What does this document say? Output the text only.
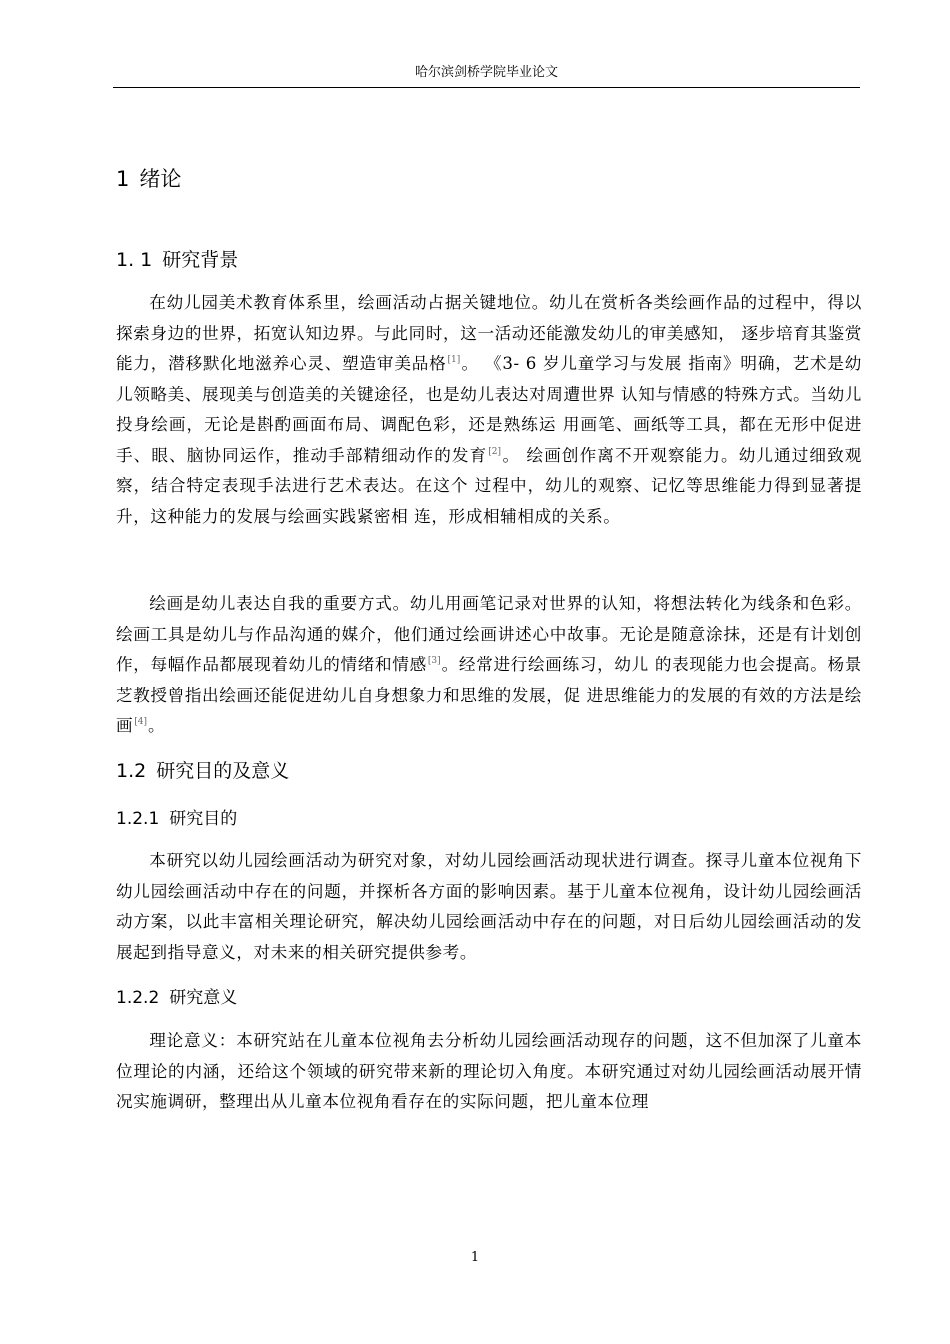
哈尔滨剑桥学院毕业论文
1 绪论
1. 1 研究背景

在幼儿园美术教育体系里，绘画活动占据关键地位。幼儿在赏析各类绘画作品的过程中，得以探索身边的世界，拓宽认知边界。与此同时，这一活动还能激发幼儿的审美感知， 逐步培育其鉴赏能力，潜移默化地滋养心灵、塑造审美品格[1]。 《3- 6 岁儿童学习与发展 指南》明确，艺术是幼儿领略美、展现美与创造美的关键途径，也是幼儿表达对周遭世界 认知与情感的特殊方式。当幼儿投身绘画，无论是斟酌画面布局、调配色彩，还是熟练运 用画笔、画纸等工具，都在无形中促进手、眼、脑协同运作，推动手部精细动作的发育[2]。 绘画创作离不开观察能力。幼儿通过细致观察，结合特定表现手法进行艺术表达。在这个 过程中，幼儿的观察、记忆等思维能力得到显著提升，这种能力的发展与绘画实践紧密相 连，形成相辅相成的关系。

绘画是幼儿表达自我的重要方式。幼儿用画笔记录对世界的认知，将想法转化为线条和色彩。绘画工具是幼儿与作品沟通的媒介，他们通过绘画讲述心中故事。无论是随意涂抹，还是有计划创作，每幅作品都展现着幼儿的情绪和情感[3]。经常进行绘画练习，幼儿 的表现能力也会提高。杨景芝教授曾指出绘画还能促进幼儿自身想象力和思维的发展，促 进思维能力的发展的有效的方法是绘画[4]。

1.2 研究目的及意义
1.2.1 研究目的

本研究以幼儿园绘画活动为研究对象，对幼儿园绘画活动现状进行调查。探寻儿童本位视角下幼儿园绘画活动中存在的问题，并探析各方面的影响因素。基于儿童本位视角，设计幼儿园绘画活动方案，以此丰富相关理论研究，解决幼儿园绘画活动中存在的问题，对日后幼儿园绘画活动的发展起到指导意义，对未来的相关研究提供参考。

1.2.2 研究意义

理论意义：本研究站在儿童本位视角去分析幼儿园绘画活动现存的问题，这不但加深了儿童本位理论的内涵，还给这个领域的研究带来新的理论切入角度。本研究通过对幼儿园绘画活动展开情况实施调研，整理出从儿童本位视角看存在的实际问题，把儿童本位理

1
